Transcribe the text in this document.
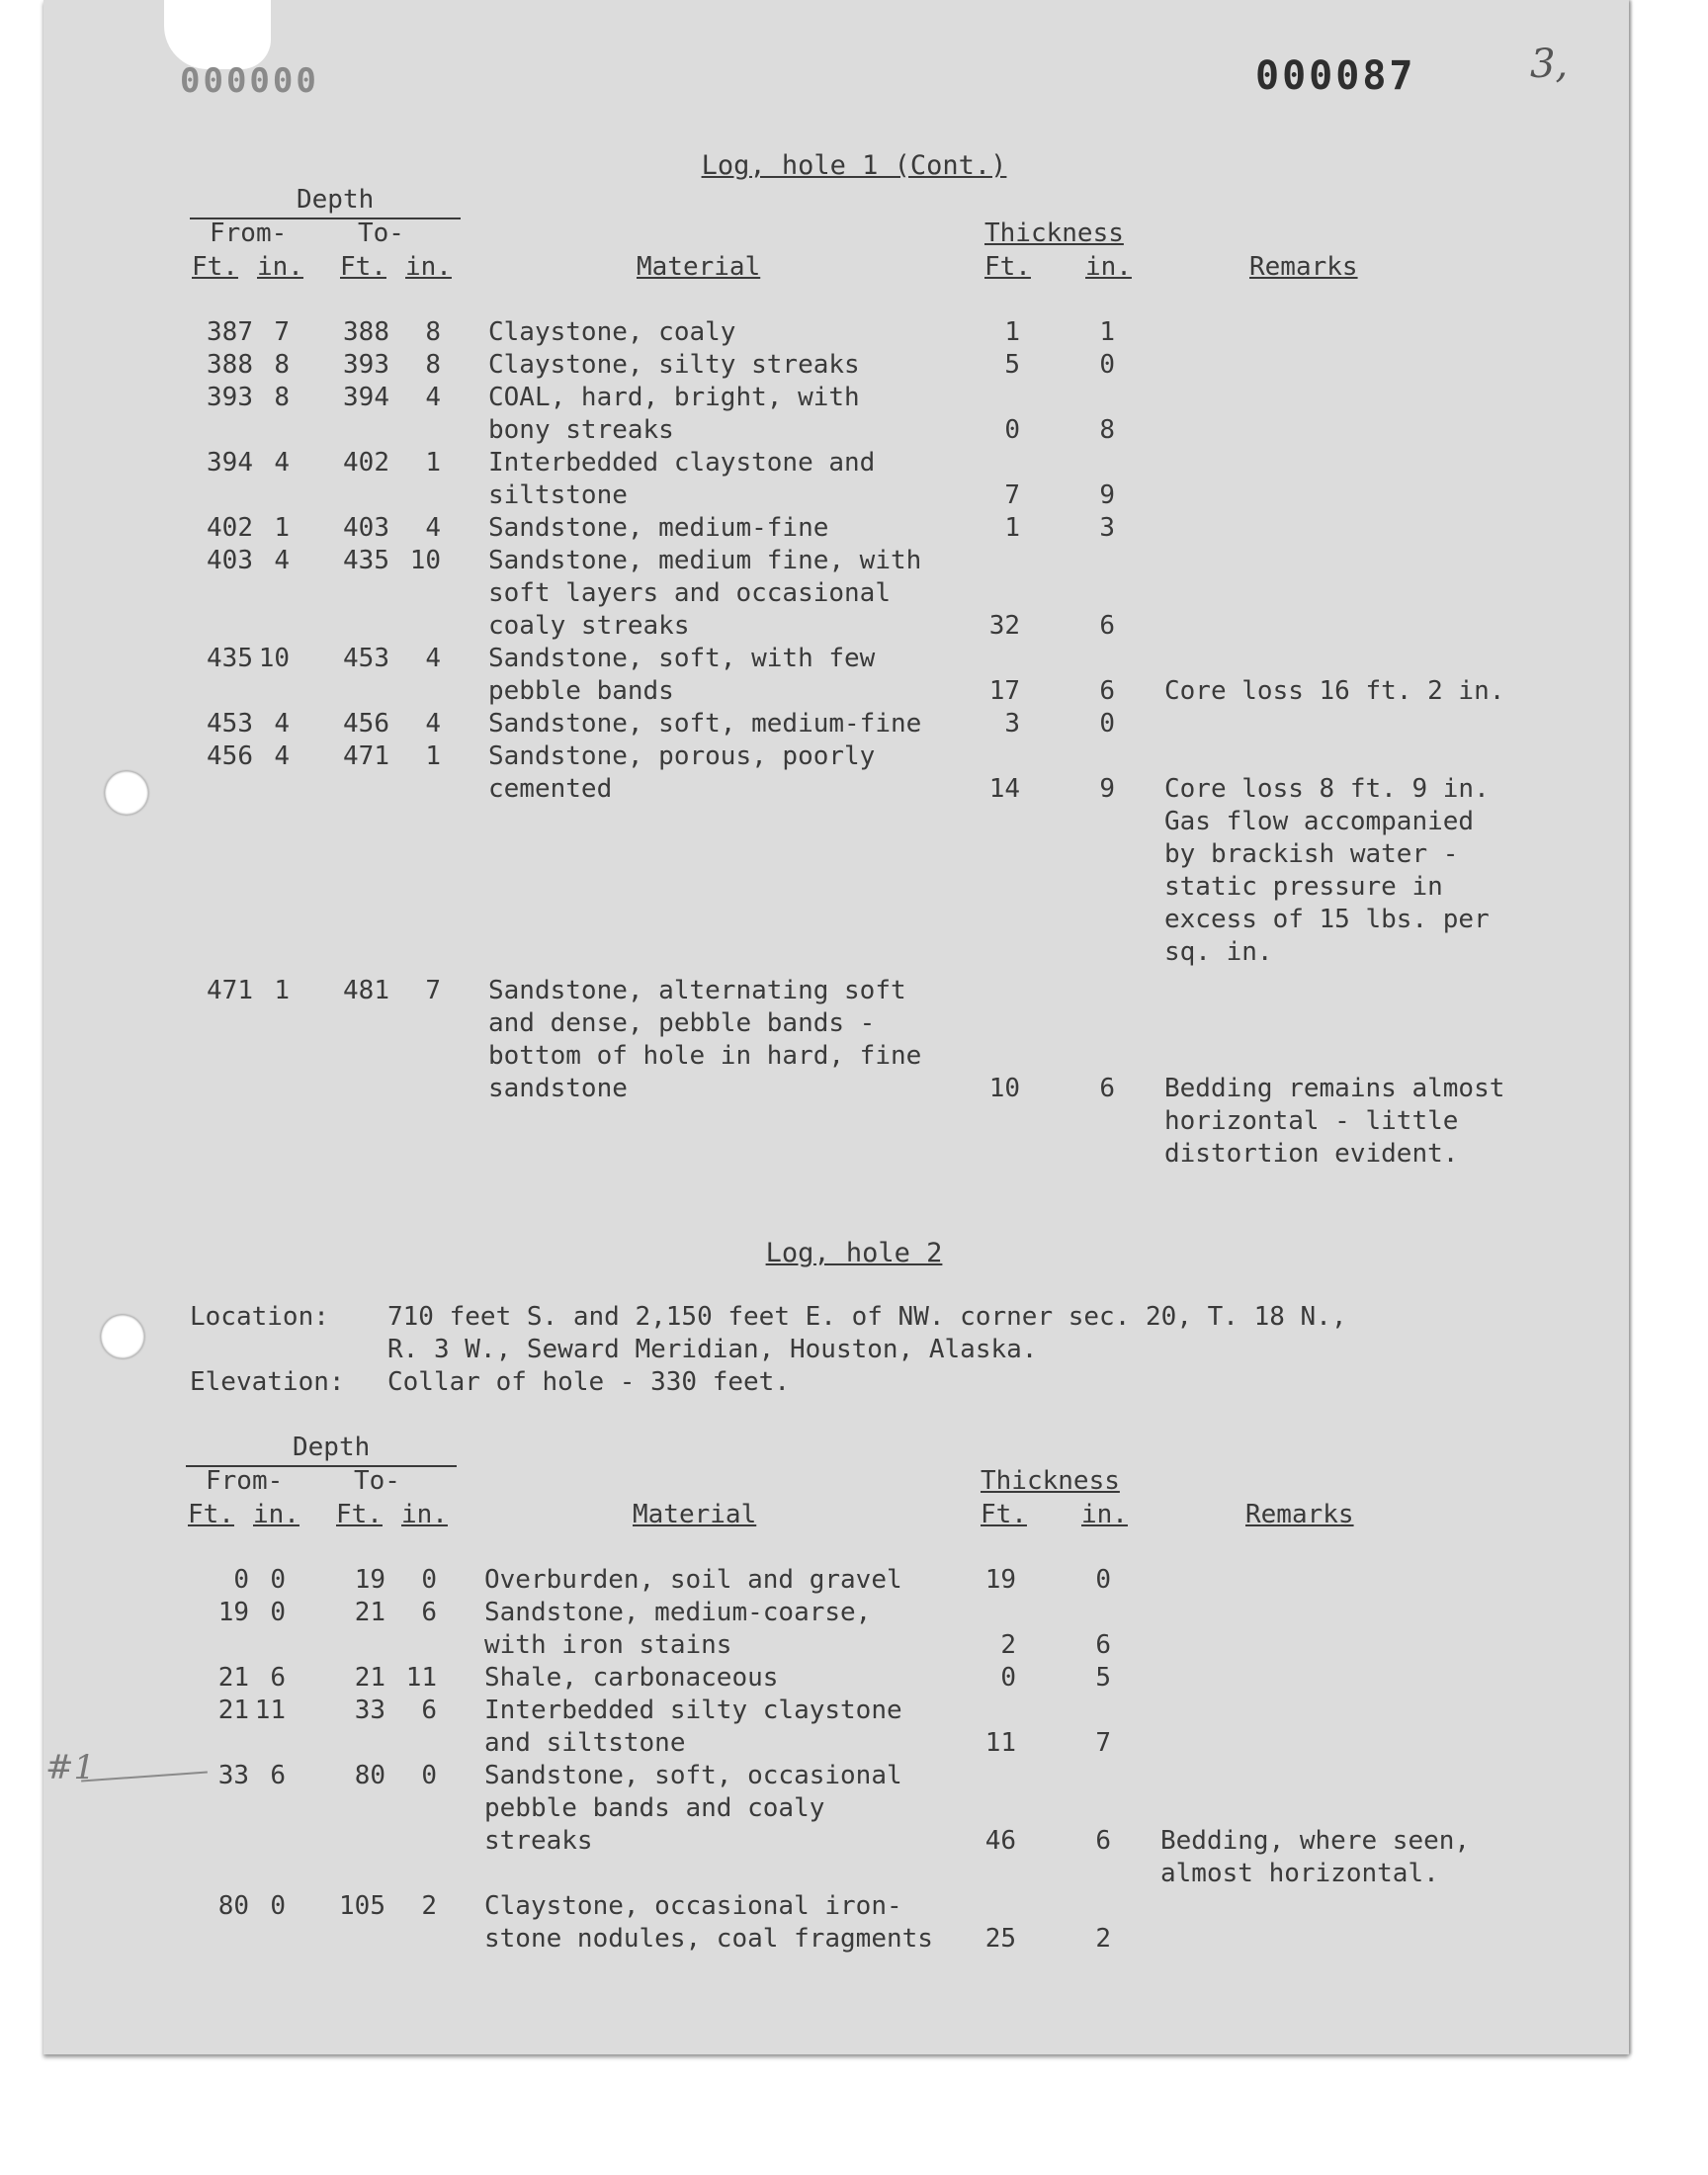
000000	000087	3,
#1
Log, hole 1 (Cont.)
Depth
From-	To-
Ft. in. Ft. in.	Material
Thickness
Ft. in.	Remarks
387 7	388	8 Claystone, coaly	1	1
388 8	393	8 Claystone, silty streaks	5	0
393 8	394	4 COAL, hard, bright, with
bony streaks	0	8
394 4	402	1 Interbedded claystone and
siltstone	7	9
402 1	403	4 Sandstone, medium-fine	1	3
403 4	435 10 Sandstone, medium fine, with
soft layers and occasional
coaly streaks	32	6
435 10	453	4 Sandstone, soft, with few
pebble bands	17	6 Core loss 16 ft. 2 in.
453 4	456	4 Sandstone, soft, medium-fine	3	0
456 4	471	1 Sandstone, porous, poorly
cemented	14	9 Core loss 8 ft. 9 in.
Gas flow accompanied
by brackish water -
static pressure in
excess of 15 lbs. per
sq. in.
471 1	481	7 Sandstone, alternating soft
and dense, pebble bands -
bottom of hole in hard, fine
sandstone	10	6 Bedding remains almost
horizontal - little
distortion evident.
Log, hole 2
Location: 710 feet S. and 2,150 feet E. of NW. corner sec. 20, T. 18 N.,
R. 3 W., Seward Meridian, Houston, Alaska.
Elevation: Collar of hole - 330 feet.
Depth
From-	To-
Ft. in. Ft. in.	Material
Thickness
Ft. in.	Remarks
0 0	19	0 Overburden, soil and gravel	19	0
19 0	21	6 Sandstone, medium-coarse,
with iron stains	2	6
21 6	21 11 Shale, carbonaceous	0	5
21 11	33	6 Interbedded silty claystone
and siltstone	11	7
33 6	80	0 Sandstone, soft, occasional
pebble bands and coaly
streaks	46	6 Bedding, where seen,
almost horizontal.
80 0	105	2 Claystone, occasional iron-
stone nodules, coal fragments	25	2
